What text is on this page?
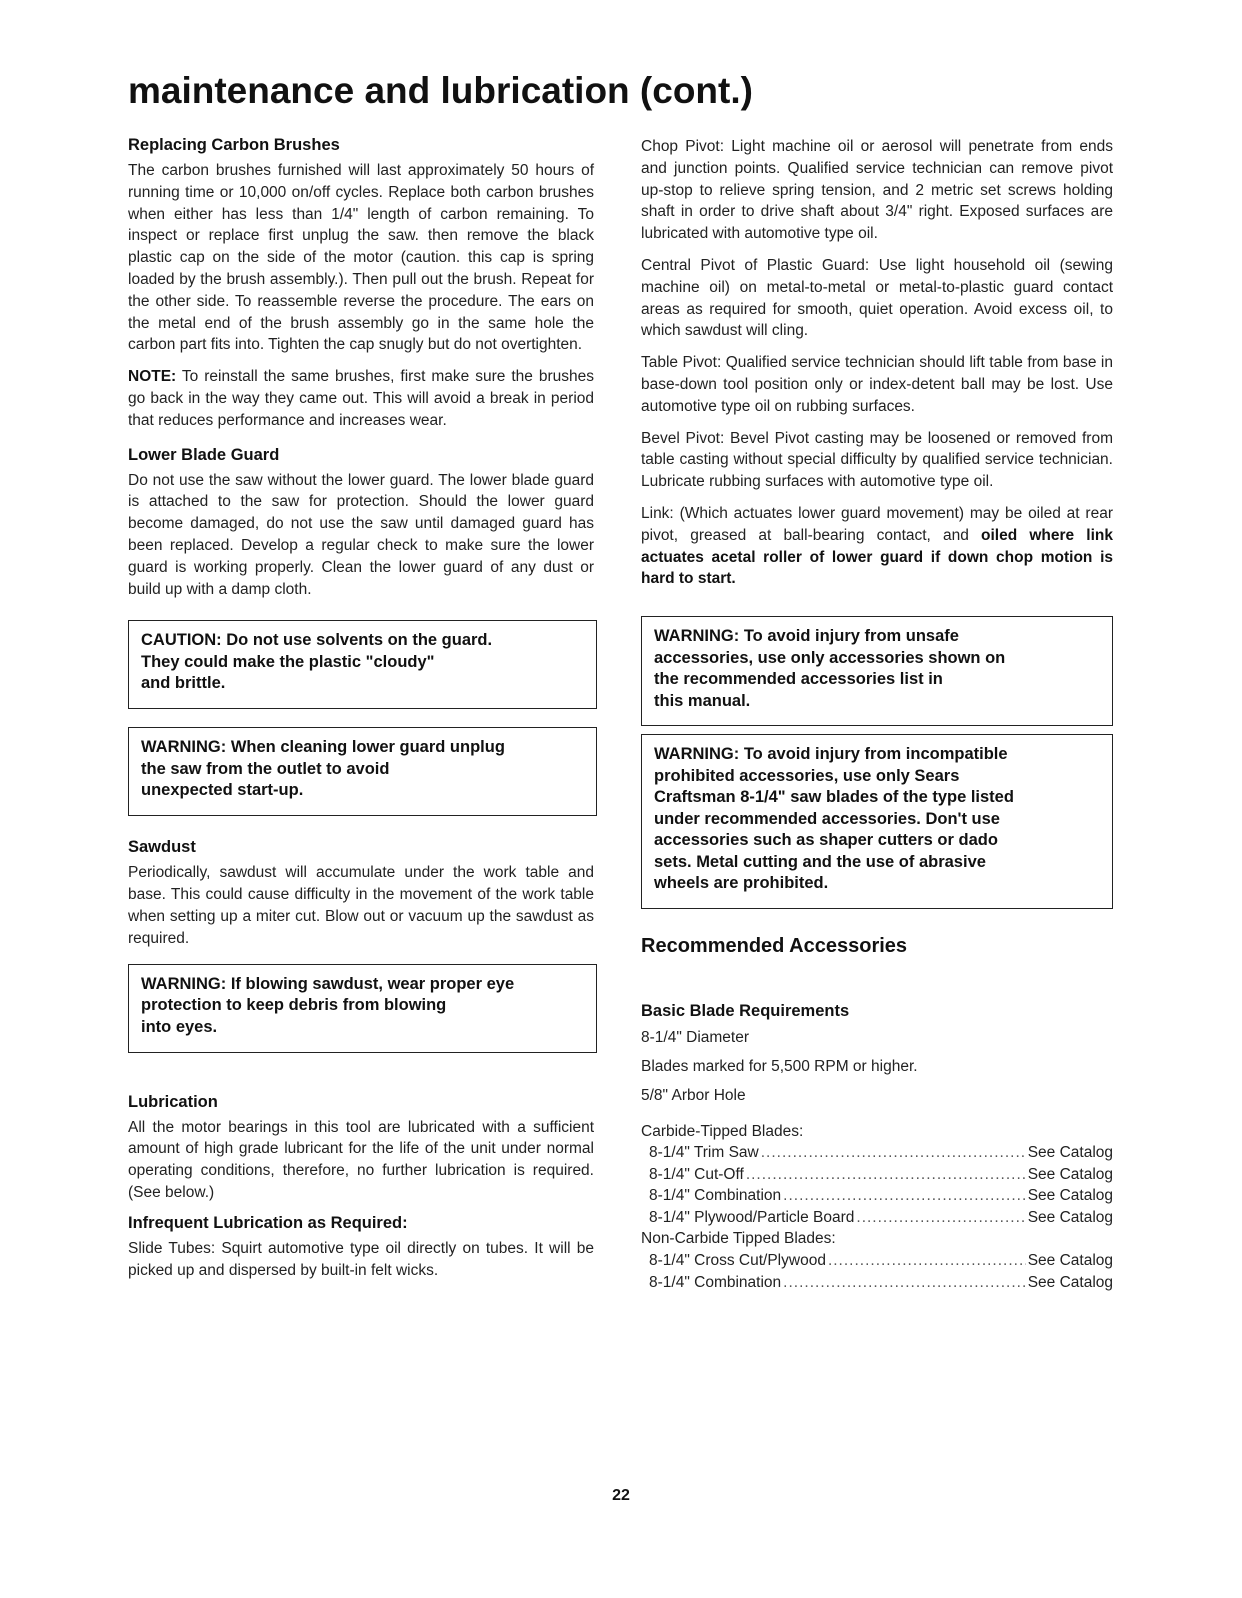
maintenance and lubrication (cont.)
Replacing Carbon Brushes

The carbon brushes furnished will last approximately 50 hours of running time or 10,000 on/off cycles. Replace both carbon brushes when either has less than 1/4" length of carbon remaining. To inspect or replace first unplug the saw. then remove the black plastic cap on the side of the motor (caution. this cap is spring loaded by the brush assembly.). Then pull out the brush. Repeat for the other side. To reassemble reverse the procedure. The ears on the metal end of the brush assembly go in the same hole the carbon part fits into. Tighten the cap snugly but do not overtighten.

NOTE: To reinstall the same brushes, first make sure the brushes go back in the way they came out. This will avoid a break in period that reduces performance and increases wear.

Lower Blade Guard

Do not use the saw without the lower guard. The lower blade guard is attached to the saw for protection. Should the lower guard become damaged, do not use the saw until damaged guard has been replaced. Develop a regular check to make sure the lower guard is working properly. Clean the lower guard of any dust or build up with a damp cloth.

CAUTION: Do not use solvents on the guard.
They could make the plastic "cloudy"
and brittle.
WARNING: When cleaning lower guard unplug
the saw from the outlet to avoid
unexpected start-up.
Sawdust

Periodically, sawdust will accumulate under the work table and base. This could cause difficulty in the movement of the work table when setting up a miter cut. Blow out or vacuum up the sawdust as required.

WARNING: If blowing sawdust, wear proper eye
protection to keep debris from blowing
into eyes.
Lubrication

All the motor bearings in this tool are lubricated with a sufficient amount of high grade lubricant for the life of the unit under normal operating conditions, therefore, no further lubrication is required. (See below.)

Infrequent Lubrication as Required:

Slide Tubes: Squirt automotive type oil directly on tubes. It will be picked up and dispersed by built-in felt wicks.

Chop Pivot: Light machine oil or aerosol will penetrate from ends and junction points. Qualified service technician can remove pivot up-stop to relieve spring tension, and 2 metric set screws holding shaft in order to drive shaft about 3/4" right. Exposed surfaces are lubricated with automotive type oil.

Central Pivot of Plastic Guard: Use light household oil (sewing machine oil) on metal-to-metal or metal-to-plastic guard contact areas as required for smooth, quiet operation. Avoid excess oil, to which sawdust will cling.

Table Pivot: Qualified service technician should lift table from base in base-down tool position only or index-detent ball may be lost. Use automotive type oil on rubbing surfaces.

Bevel Pivot: Bevel Pivot casting may be loosened or removed from table casting without special difficulty by qualified service technician. Lubricate rubbing surfaces with automotive type oil.

Link: (Which actuates lower guard movement) may be oiled at rear pivot, greased at ball-bearing contact, and oiled where link actuates acetal roller of lower guard if down chop motion is hard to start.

WARNING: To avoid injury from unsafe
accessories, use only accessories shown on
the recommended accessories list in
this manual.
WARNING: To avoid injury from incompatible
prohibited accessories, use only Sears
Craftsman 8-1/4" saw blades of the type listed
under recommended accessories. Don't use
accessories such as shaper cutters or dado
sets. Metal cutting and the use of abrasive
wheels are prohibited.
Recommended Accessories
Basic Blade Requirements
8-1/4" Diameter
Blades marked for 5,500 RPM or higher.
5/8" Arbor Hole
Carbide-Tipped Blades:
8-1/4" Trim Saw .....	See Catalog
8-1/4" Cut-Off .....	See Catalog
8-1/4" Combination .....	See Catalog
8-1/4" Plywood/Particle Board .....	See Catalog
Non-Carbide Tipped Blades:
8-1/4" Cross Cut/Plywood .....	See Catalog
8-1/4" Combination .....	See Catalog
22
